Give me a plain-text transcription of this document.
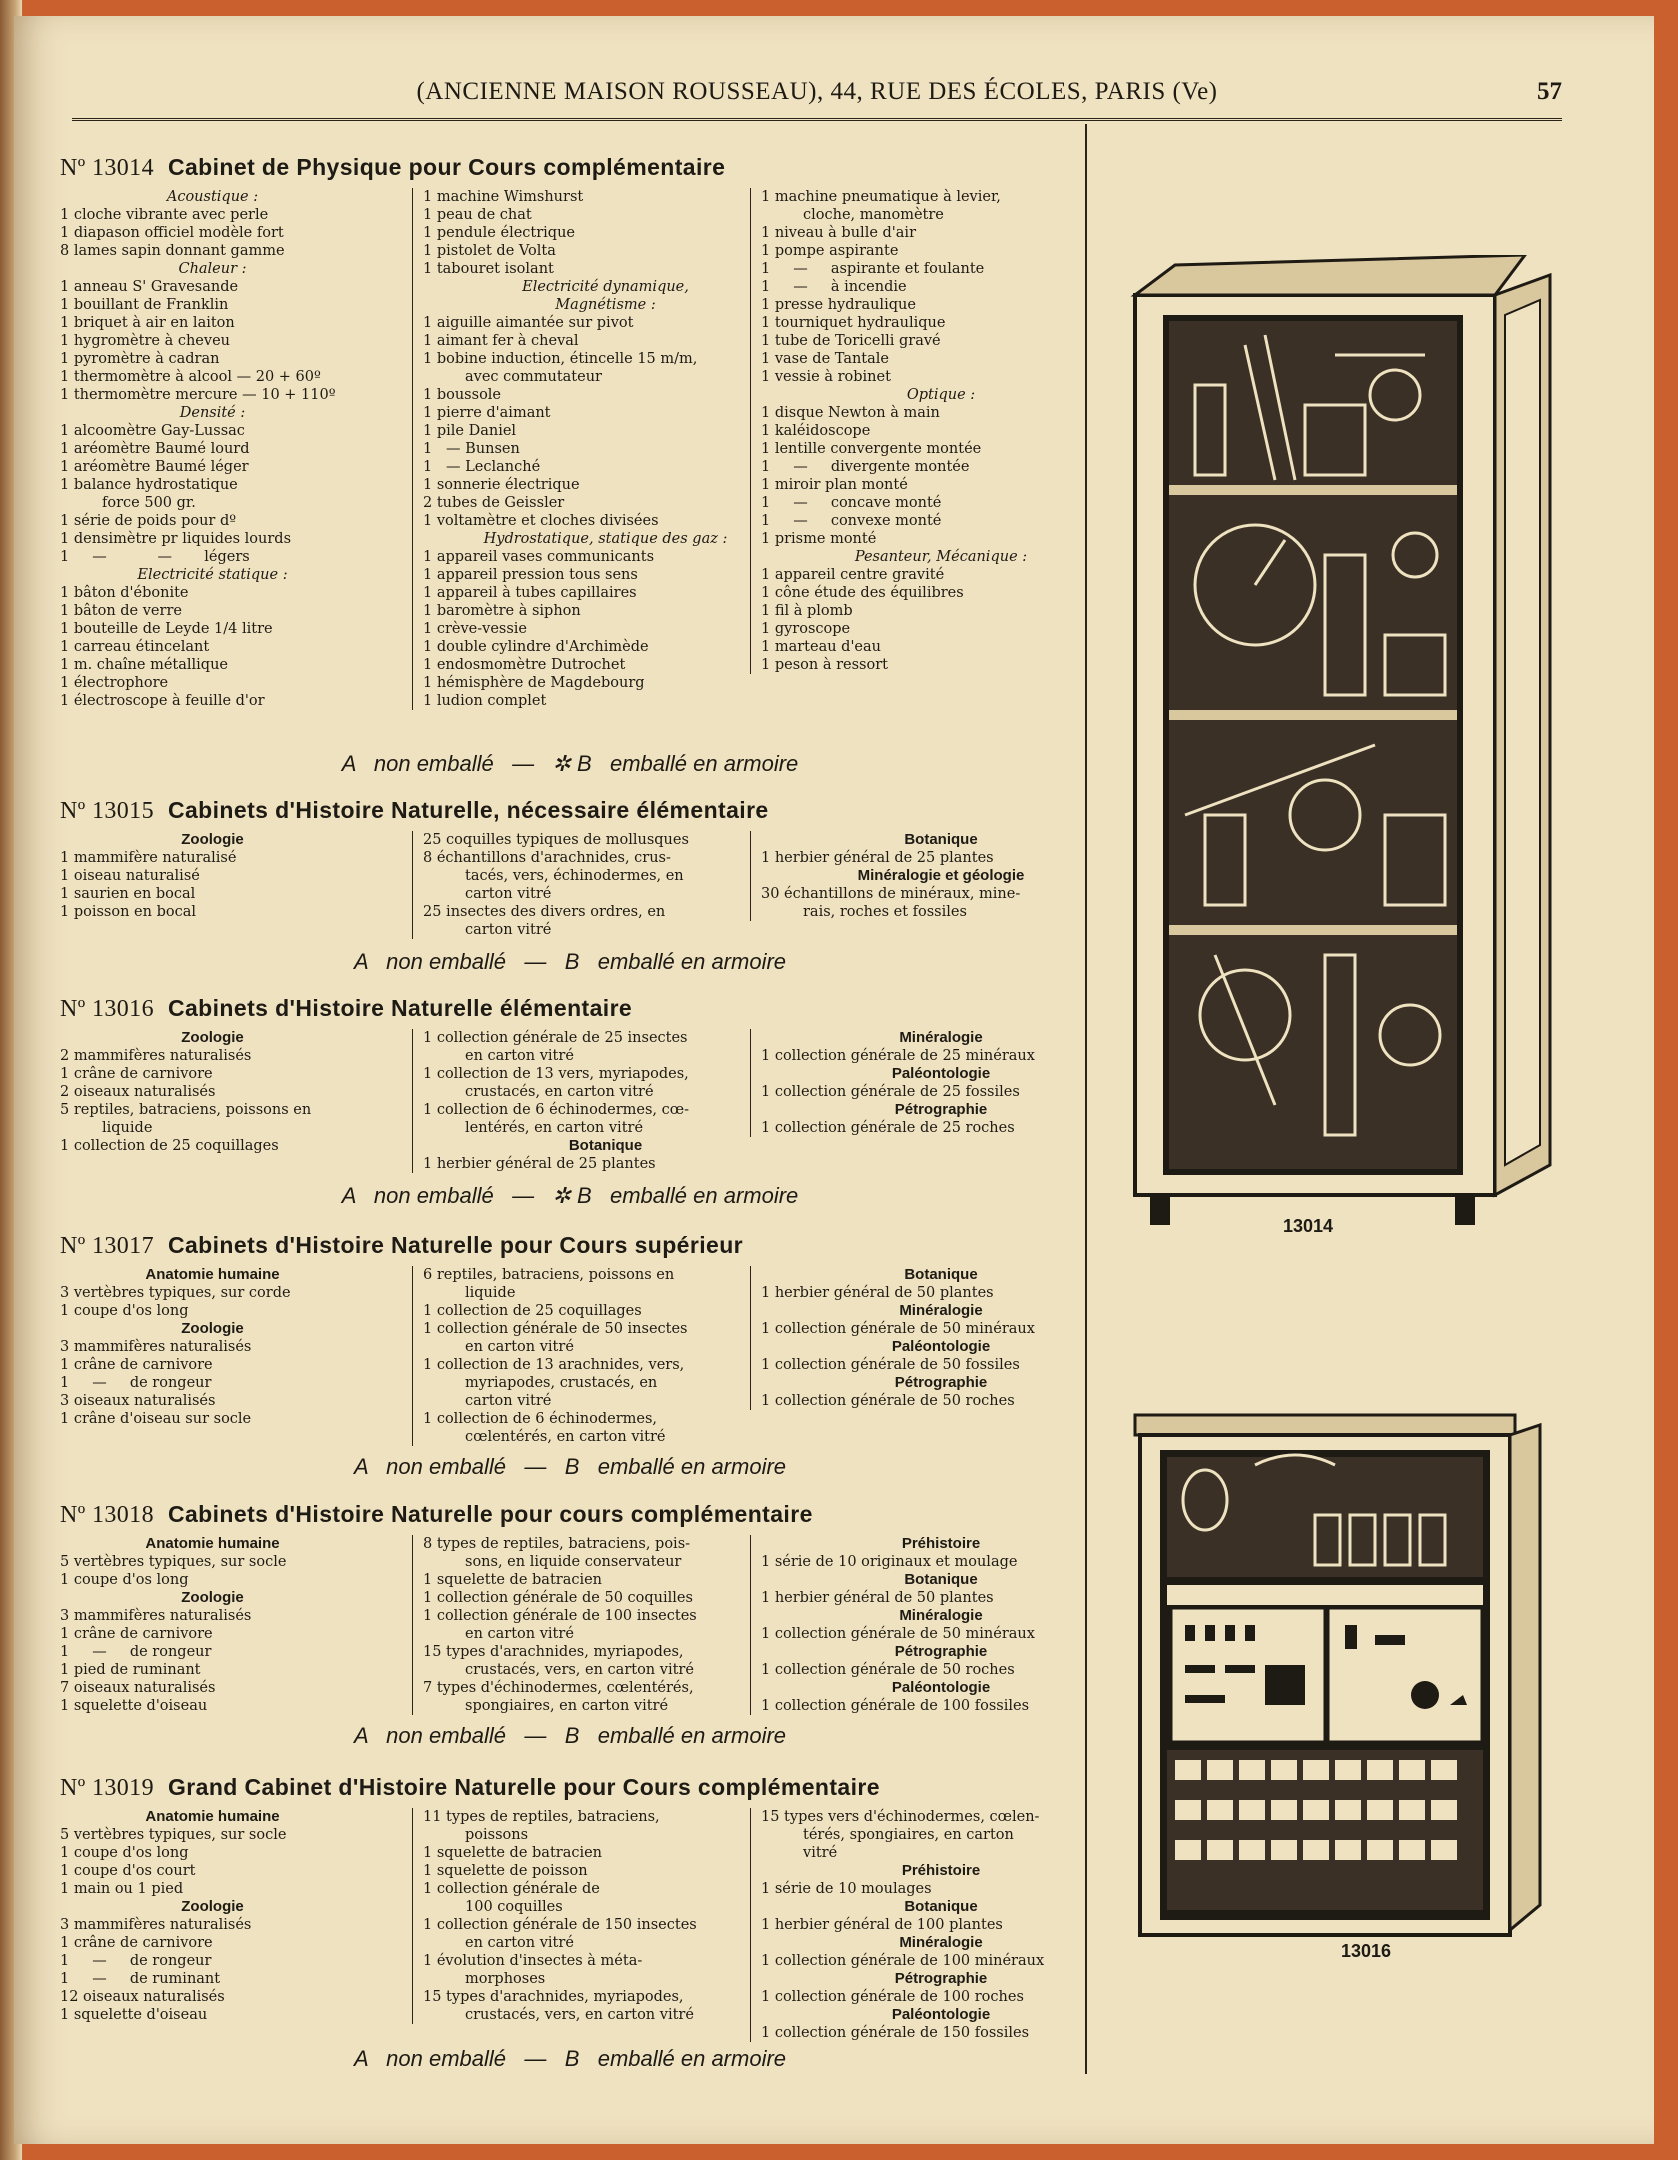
(ANCIENNE MAISON ROUSSEAU), 44, RUE DES ÉCOLES, PARIS (Ve)	57
Nº 13014 Cabinet de Physique pour Cours complémentaire
Acoustique :
1 cloche vibrante avec perle
1 diapason officiel modèle fort
8 lames sapin donnant gamme
Chaleur :
1 anneau S' Gravesande
1 bouillant de Franklin
1 briquet à air en laiton
1 hygromètre à cheveu
1 pyromètre à cadran
1 thermomètre à alcool — 20 + 60º
1 thermomètre mercure — 10 + 110º
Densité :
1 alcoomètre Gay-Lussac
1 aréomètre Baumé lourd
1 aréomètre Baumé léger
1 balance hydrostatique
force 500 gr.
1 série de poids pour dº
1 densimètre pr liquides lourds
1     —           —       légers
Electricité statique :
1 bâton d'ébonite
1 bâton de verre
1 bouteille de Leyde 1/4 litre
1 carreau étincelant
1 m. chaîne métallique
1 électrophore
1 électroscope à feuille d'or
1 machine Wimshurst
1 peau de chat
1 pendule électrique
1 pistolet de Volta
1 tabouret isolant
Electricité dynamique,
Magnétisme :
1 aiguille aimantée sur pivot
1 aimant fer à cheval
1 bobine induction, étincelle 15 m/m,
avec commutateur
1 boussole
1 pierre d'aimant
1 pile Daniel
1   — Bunsen
1   — Leclanché
1 sonnerie électrique
2 tubes de Geissler
1 voltamètre et cloches divisées
Hydrostatique, statique des gaz :
1 appareil vases communicants
1 appareil pression tous sens
1 appareil à tubes capillaires
1 baromètre à siphon
1 crève-vessie
1 double cylindre d'Archimède
1 endosmomètre Dutrochet
1 hémisphère de Magdebourg
1 ludion complet
1 machine pneumatique à levier,
cloche, manomètre
1 niveau à bulle d'air
1 pompe aspirante
1     —     aspirante et foulante
1     —     à incendie
1 presse hydraulique
1 tourniquet hydraulique
1 tube de Toricelli gravé
1 vase de Tantale
1 vessie à robinet
Optique :
1 disque Newton à main
1 kaléidoscope
1 lentille convergente montée
1     —     divergente montée
1 miroir plan monté
1     —     concave monté
1     —     convexe monté
1 prisme monté
Pesanteur, Mécanique :
1 appareil centre gravité
1 cône étude des équilibres
1 fil à plomb
1 gyroscope
1 marteau d'eau
1 peson à ressort
A   non emballé   —   ✲ B   emballé en armoire
Nº 13015 Cabinets d'Histoire Naturelle, nécessaire élémentaire
Zoologie
1 mammifère naturalisé
1 oiseau naturalisé
1 saurien en bocal
1 poisson en bocal
25 coquilles typiques de mollusques
8 échantillons d'arachnides, crus-
tacés, vers, échinodermes, en
carton vitré
25 insectes des divers ordres, en
carton vitré
Botanique
1 herbier général de 25 plantes
Minéralogie et géologie
30 échantillons de minéraux, mine-
rais, roches et fossiles
A   non emballé   —   B   emballé en armoire
Nº 13016 Cabinets d'Histoire Naturelle élémentaire
Zoologie
2 mammifères naturalisés
1 crâne de carnivore
2 oiseaux naturalisés
5 reptiles, batraciens, poissons en
liquide
1 collection de 25 coquillages
1 collection générale de 25 insectes
en carton vitré
1 collection de 13 vers, myriapodes,
crustacés, en carton vitré
1 collection de 6 échinodermes, cœ-
lentérés, en carton vitré
Botanique
1 herbier général de 25 plantes
Minéralogie
1 collection générale de 25 minéraux
Paléontologie
1 collection générale de 25 fossiles
Pétrographie
1 collection générale de 25 roches
A   non emballé   —   ✲ B   emballé en armoire
Nº 13017 Cabinets d'Histoire Naturelle pour Cours supérieur
Anatomie humaine
3 vertèbres typiques, sur corde
1 coupe d'os long
Zoologie
3 mammifères naturalisés
1 crâne de carnivore
1     —     de rongeur
3 oiseaux naturalisés
1 crâne d'oiseau sur socle
6 reptiles, batraciens, poissons en
liquide
1 collection de 25 coquillages
1 collection générale de 50 insectes
en carton vitré
1 collection de 13 arachnides, vers,
myriapodes, crustacés, en
carton vitré
1 collection de 6 échinodermes,
cœlentérés, en carton vitré
Botanique
1 herbier général de 50 plantes
Minéralogie
1 collection générale de 50 minéraux
Paléontologie
1 collection générale de 50 fossiles
Pétrographie
1 collection générale de 50 roches
A   non emballé   —   B   emballé en armoire
Nº 13018 Cabinets d'Histoire Naturelle pour cours complémentaire
Anatomie humaine
5 vertèbres typiques, sur socle
1 coupe d'os long
Zoologie
3 mammifères naturalisés
1 crâne de carnivore
1     —     de rongeur
1 pied de ruminant
7 oiseaux naturalisés
1 squelette d'oiseau
8 types de reptiles, batraciens, pois-
sons, en liquide conservateur
1 squelette de batracien
1 collection générale de 50 coquilles
1 collection générale de 100 insectes
en carton vitré
15 types d'arachnides, myriapodes,
crustacés, vers, en carton vitré
7 types d'échinodermes, cœlentérés,
spongiaires, en carton vitré
Préhistoire
1 série de 10 originaux et moulage
Botanique
1 herbier général de 50 plantes
Minéralogie
1 collection générale de 50 minéraux
Pétrographie
1 collection générale de 50 roches
Paléontologie
1 collection générale de 100 fossiles
A   non emballé   —   B   emballé en armoire
Nº 13019 Grand Cabinet d'Histoire Naturelle pour Cours complémentaire
Anatomie humaine
5 vertèbres typiques, sur socle
1 coupe d'os long
1 coupe d'os court
1 main ou 1 pied
Zoologie
3 mammifères naturalisés
1 crâne de carnivore
1     —     de rongeur
1     —     de ruminant
12 oiseaux naturalisés
1 squelette d'oiseau
11 types de reptiles, batraciens,
poissons
1 squelette de batracien
1 squelette de poisson
1 collection générale de
100 coquilles
1 collection générale de 150 insectes
en carton vitré
1 évolution d'insectes à méta-
morphoses
15 types d'arachnides, myriapodes,
crustacés, vers, en carton vitré
15 types vers d'échinodermes, cœlen-
térés, spongiaires, en carton
vitré
Préhistoire
1 série de 10 moulages
Botanique
1 herbier général de 100 plantes
Minéralogie
1 collection générale de 100 minéraux
Pétrographie
1 collection générale de 100 roches
Paléontologie
1 collection générale de 150 fossiles
A   non emballé   —   B   emballé en armoire
13014
13016
